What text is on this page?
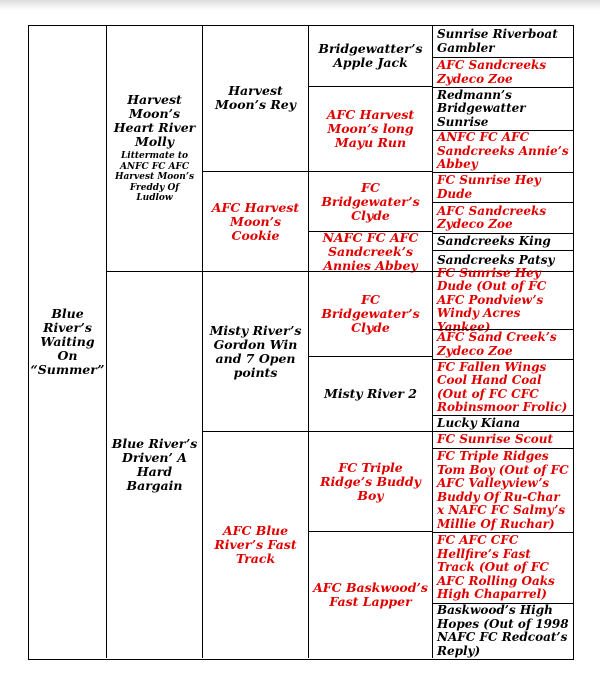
Blue River’s Waiting On “Summer”
Harvest Moon’s Heart River Molly
Littermate to ANFC FC AFC Harvest Moon’s Freddy Of Ludlow
Blue River’s Driven’ A Hard Bargain
Harvest Moon’s Rey
AFC Harvest Moon’s Cookie
Misty River’s Gordon Win and 7 Open points
AFC Blue River’s Fast Track
Bridgewatter’s Apple Jack
AFC Harvest Moon’s long Mayu Run
FC Bridgewater’s Clyde
NAFC FC AFC Sandcreek’s Annies Abbey
FC Bridgewater’s Clyde
Misty River 2
FC Triple Ridge’s Buddy Boy
AFC Baskwood’s Fast Lapper
Sunrise Riverboat Gambler
AFC Sandcreeks Zydeco Zoe
Redmann’s Bridgewatter Sunrise
ANFC FC AFC Sandcreeks Annie’s Abbey
FC Sunrise Hey Dude
AFC Sandcreeks Zydeco Zoe
Sandcreeks King
Sandcreeks Patsy
FC Sunrise Hey Dude (Out of FC AFC Pondview’s Windy Acres Yankee)
AFC Sand Creek’s Zydeco Zoe
FC Fallen Wings Cool Hand Coal (Out of FC CFC Robinsmoor Frolic)
Lucky Kiana
FC Sunrise Scout
FC Triple Ridges Tom Boy (Out of FC AFC Valleyview’s Buddy Of Ru-Char x NAFC FC Salmy’s Millie Of Ruchar)
FC AFC CFC Hellfire’s Fast Track (Out of FC AFC Rolling Oaks High Chaparrel)
Baskwood’s High Hopes (Out of 1998 NAFC FC Redcoat’s Reply)
